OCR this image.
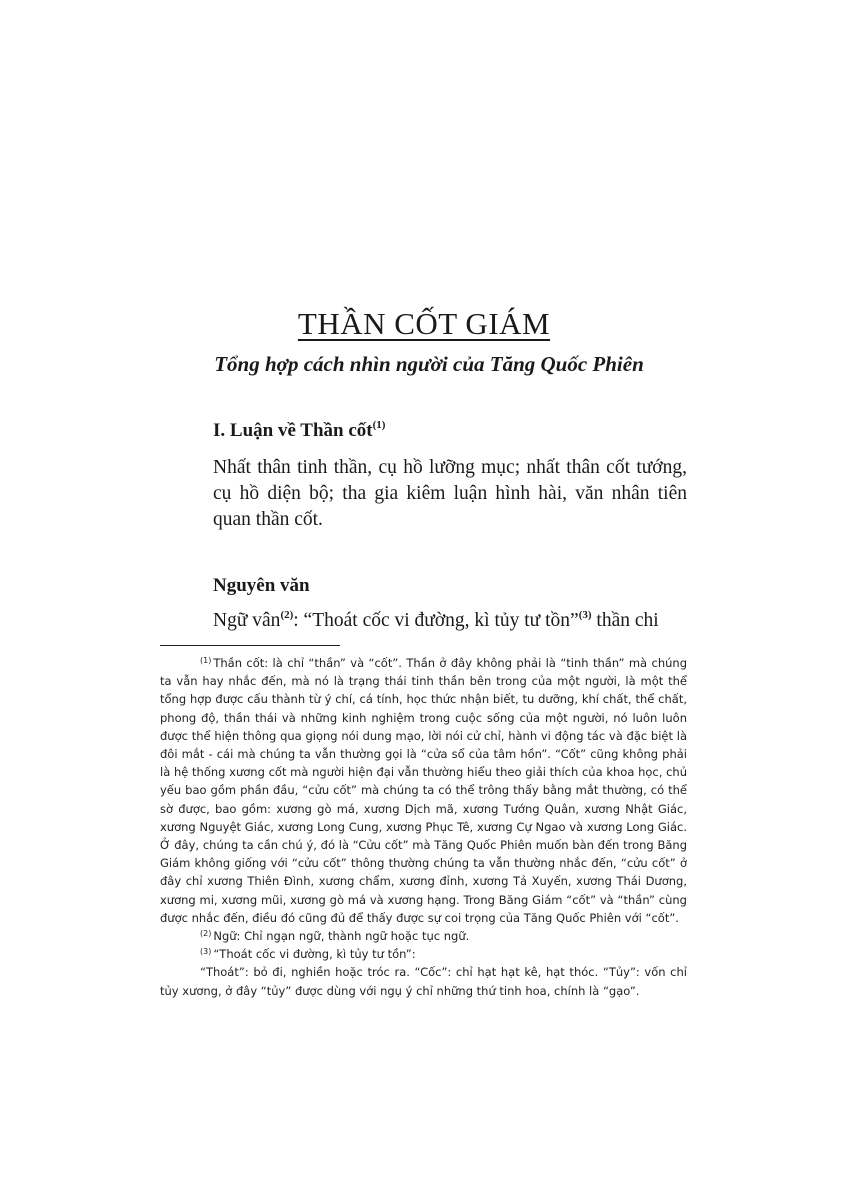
THẦN CỐT GIÁM
Tổng hợp cách nhìn người của Tăng Quốc Phiên
I. Luận về Thần cốt$^{(1)}$
Nhất thân tinh thần, cụ hồ lưỡng mục; nhất thân cốt tướng, cụ hồ diện bộ; tha gia kiêm luận hình hài, văn nhân tiên quan thần cốt.
Nguyên văn
Ngữ vân$^{(2)}$: “Thoát cốc vi đường, kì tủy tư tồn”$^{(3)}$ thần chi

$^{(1)}$ Thần cốt: là chỉ “thần” và “cốt”. Thần ở đây không phải là “tinh thần” mà chúng ta vẫn hay nhắc đến, mà nó là trạng thái tinh thần bên trong của một người, là một thể tổng hợp được cấu thành từ ý chí, cá tính, học thức nhận biết, tu dưỡng, khí chất, thể chất, phong độ, thần thái và những kinh nghiệm trong cuộc sống của một người, nó luôn luôn được thể hiện thông qua giọng nói dung mạo, lời nói cử chỉ, hành vi động tác và đặc biệt là đôi mắt - cái mà chúng ta vẫn thường gọi là “cửa sổ của tâm hồn”. “Cốt” cũng không phải là hệ thống xương cốt mà người hiện đại vẫn thường hiểu theo giải thích của khoa học, chủ yếu bao gồm phần đầu, “cửu cốt” mà chúng ta có thể trông thấy bằng mắt thường, có thể sờ được, bao gồm: xương gò má, xương Dịch mã, xương Tướng Quân, xương Nhật Giác, xương Nguyệt Giác, xương Long Cung, xương Phục Tê, xương Cự Ngao và xương Long Giác. Ở đây, chúng ta cần chú ý, đó là “Cửu cốt” mà Tăng Quốc Phiên muốn bàn đến trong Băng Giám không giống với “cửu cốt” thông thường chúng ta vẫn thường nhắc đến, “cửu cốt” ở đây chỉ xương Thiên Đình, xương chẩm, xương đỉnh, xương Tả Xuyến, xương Thái Dương, xương mi, xương mũi, xương gò má và xương hạng. Trong Băng Giám “cốt” và “thần” cùng được nhắc đến, điều đó cũng đủ để thấy được sự coi trọng của Tăng Quốc Phiên với “cốt”.

$^{(2)}$ Ngữ: Chỉ ngạn ngữ, thành ngữ hoặc tục ngữ.

$^{(3)}$ “Thoát cốc vi đường, kì tủy tư tồn”:

“Thoát”: bỏ đi, nghiền hoặc tróc ra. “Cốc”: chỉ hạt hạt kê, hạt thóc. “Tủy”: vốn chỉ tủy xương, ở đây “tủy” được dùng với ngụ ý chỉ những thứ tinh hoa, chính là “gạo”.
